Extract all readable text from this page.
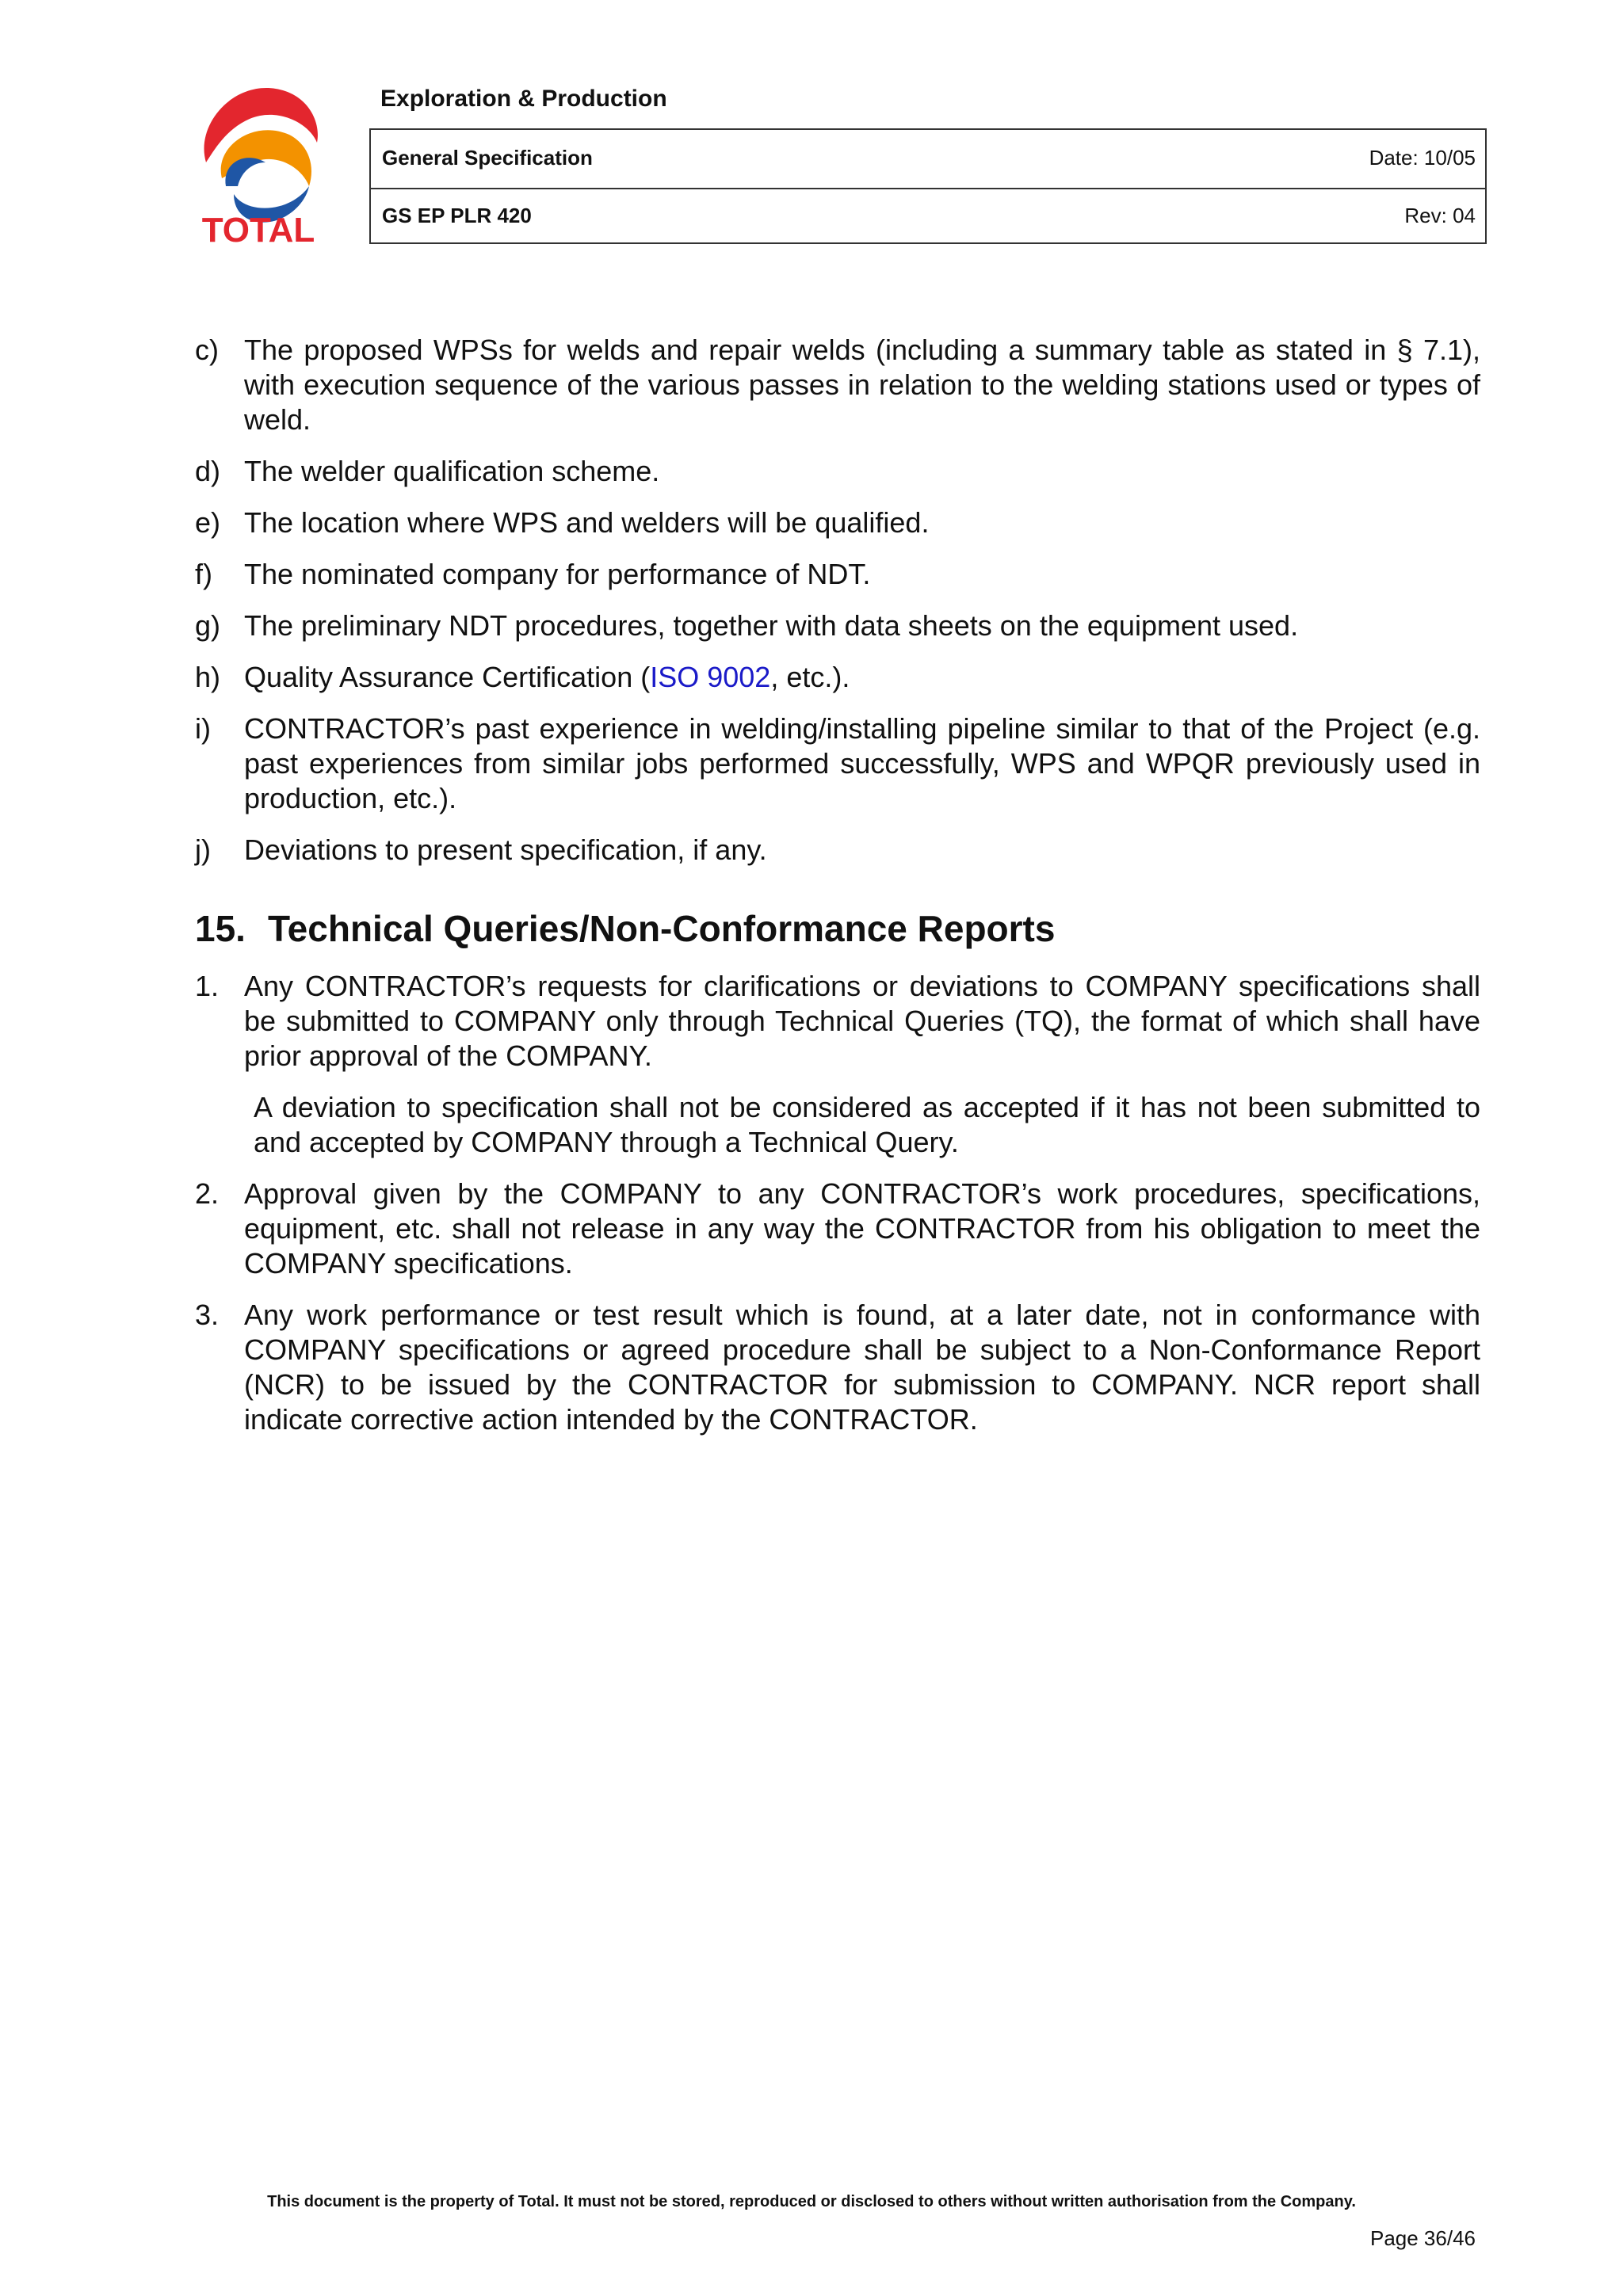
TOTAL
Exploration & Production
General Specification	Date: 10/05
GS EP PLR 420	Rev: 04
c) The proposed WPSs for welds and repair welds (including a summary table as stated in § 7.1), with execution sequence of the various passes in relation to the welding stations used or types of weld.
d) The welder qualification scheme.
e) The location where WPS and welders will be qualified.
f) The nominated company for performance of NDT.
g) The preliminary NDT procedures, together with data sheets on the equipment used.
h) Quality Assurance Certification (ISO 9002, etc.).
i) CONTRACTOR’s past experience in welding/installing pipeline similar to that of the Project (e.g. past experiences from similar jobs performed successfully, WPS and WPQR previously used in production, etc.).
j) Deviations to present specification, if any.
15. Technical Queries/Non-Conformance Reports
1. Any CONTRACTOR’s requests for clarifications or deviations to COMPANY specifications shall be submitted to COMPANY only through Technical Queries (TQ), the format of which shall have prior approval of the COMPANY.
A deviation to specification shall not be considered as accepted if it has not been submitted to and accepted by COMPANY through a Technical Query.
2. Approval given by the COMPANY to any CONTRACTOR’s work procedures, specifications, equipment, etc. shall not release in any way the CONTRACTOR from his obligation to meet the COMPANY specifications.
3. Any work performance or test result which is found, at a later date, not in conformance with COMPANY specifications or agreed procedure shall be subject to a Non-Conformance Report (NCR) to be issued by the CONTRACTOR for submission to COMPANY. NCR report shall indicate corrective action intended by the CONTRACTOR.
This document is the property of Total. It must not be stored, reproduced or disclosed to others without written authorisation from the Company.
Page 36/46
